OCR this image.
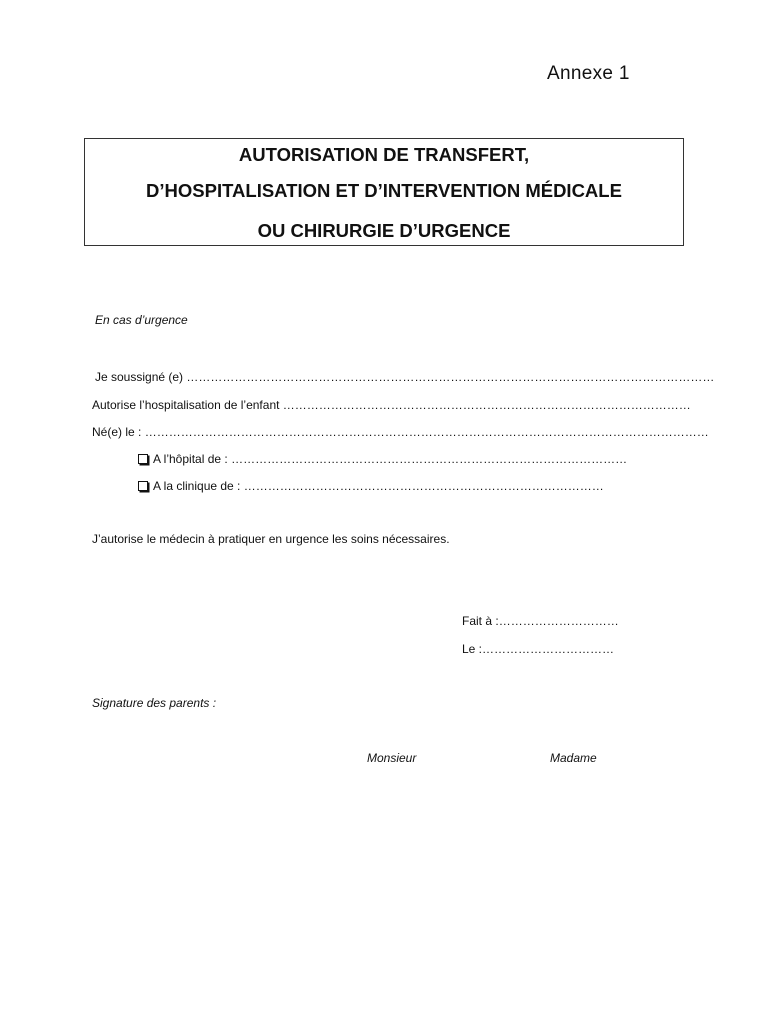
Annexe 1
AUTORISATION DE TRANSFERT,
D’HOSPITALISATION ET D’INTERVENTION MÉDICALE
OU CHIRURGIE D’URGENCE
En cas d’urgence
Je soussigné (e) ……………………………………………………………………………………………………………………
Autorise l’hospitalisation de l’enfant …………………………………………………………………………………………
Né(e) le : ……………………………………………………………………………………………………………………………
A l’hôpital de : ………………………………………………………………………………………
A la clinique de : ………………………………………………………………………………
J’autorise le médecin à pratiquer en urgence les soins nécessaires.
Fait à :…………………………
Le :……………………………
Signature des parents :
Monsieur	Madame
